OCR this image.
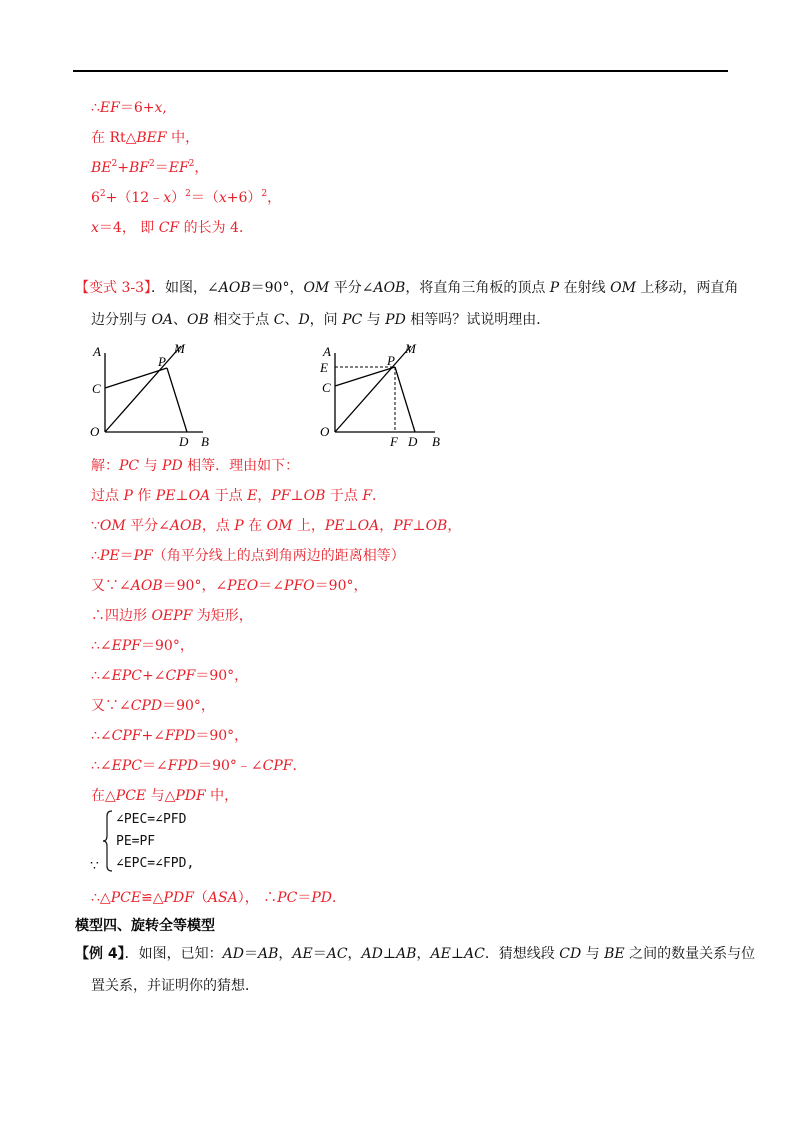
∴EF＝6+x,
在 Rt△BEF 中，
$BE^2+BF^2=EF^2$，
$6^2+(12﹣x)^2=(x+6)^2$，
x＝4， 即 CF 的长为 4．
【变式 3-3】．如图，∠AOB＝90°，OM 平分∠AOB，将直角三角板的顶点 P 在射线 OM 上移动，两直角
边分别与 OA、OB 相交于点 C、D，问 PC 与 PD 相等吗？试说明理由．
A	M
P
C
O
D B
A	M
E	P
C
O
F D B
解：PC 与 PD 相等．理由如下：
过点 P 作 PE⊥OA 于点 E，PF⊥OB 于点 F．
∵OM 平分∠AOB，点 P 在 OM 上，PE⊥OA，PF⊥OB，
∴PE＝PF（角平分线上的点到角两边的距离相等）
又∵∠AOB＝90°，∠PEO＝∠PFO＝90°，
∴四边形 OEPF 为矩形，
∴∠EPF＝90°，
∴∠EPC+∠CPF＝90°，
又∵∠CPD＝90°，
∴∠CPF+∠FPD＝90°，
∴∠EPC＝∠FPD＝90°﹣∠CPF．
在△PCE 与△PDF 中，
∠PEC=∠PFD
PE=PF
∠EPC=∠FPD,
∵
∴△PCE≌△PDF（ASA）， ∴PC＝PD．
模型四、旋转全等模型
【例 4】．如图，已知：AD＝AB，AE＝AC，AD⊥AB，AE⊥AC．猜想线段 CD 与 BE 之间的数量关系与位
置关系，并证明你的猜想．
